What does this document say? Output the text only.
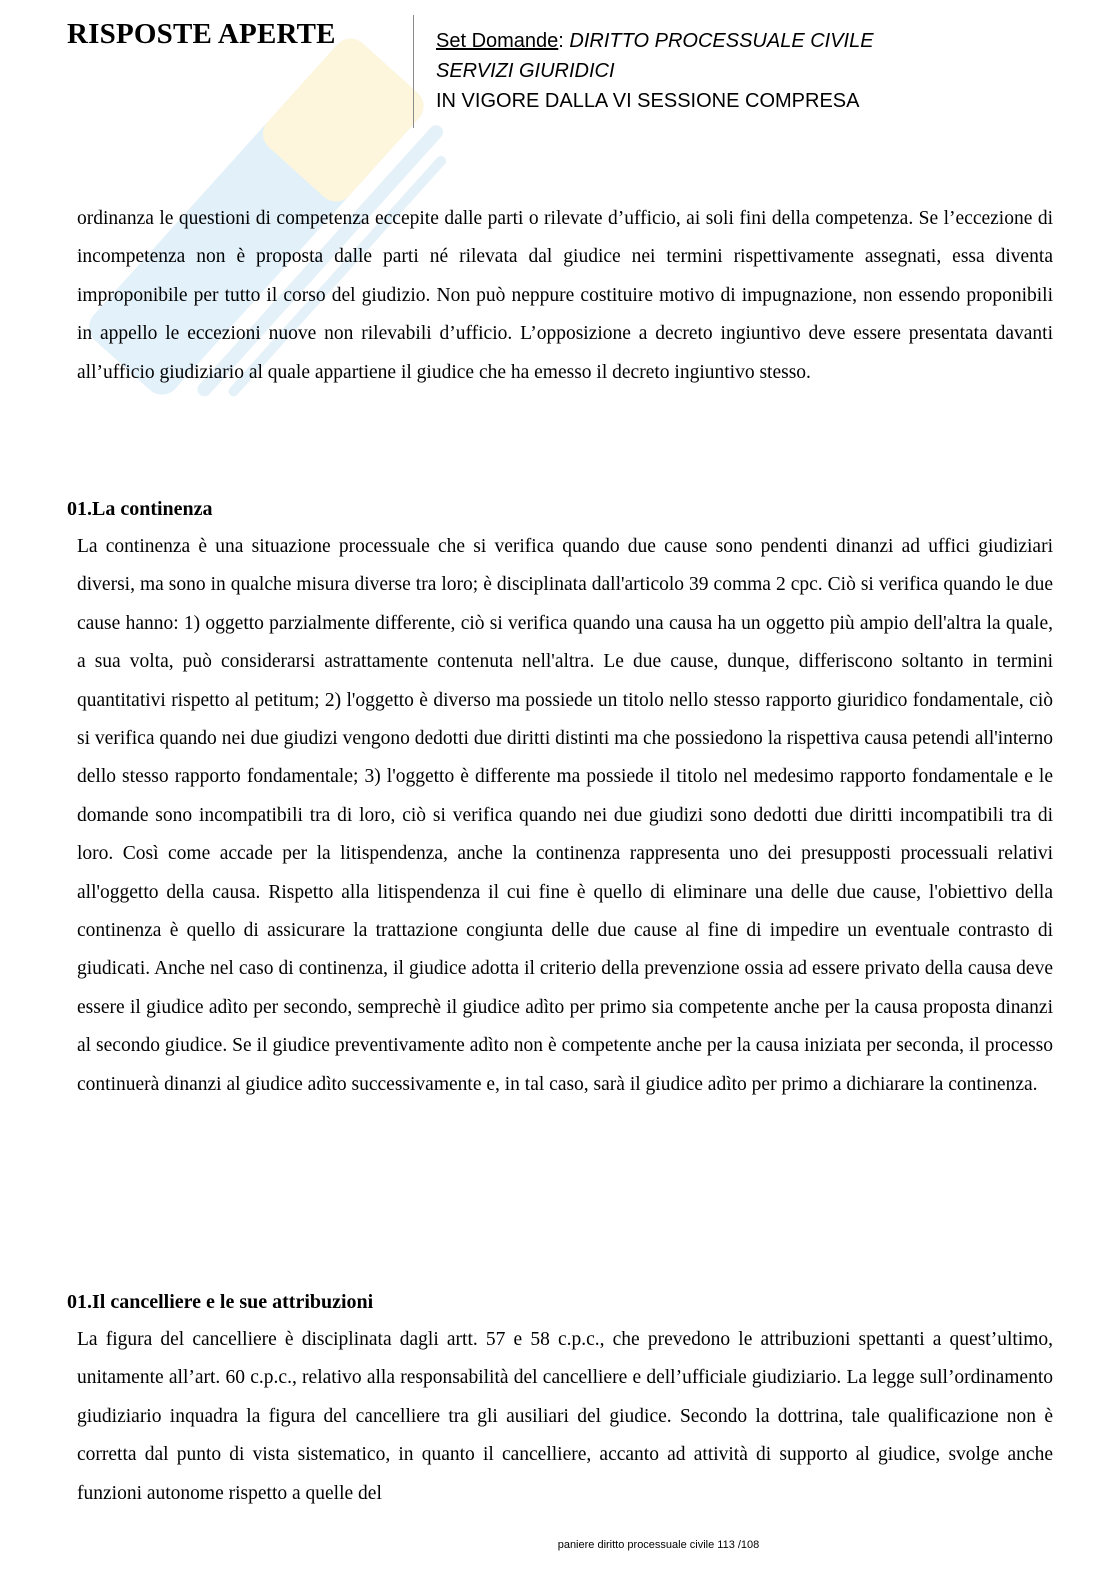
RISPOSTE APERTE	Set Domande: DIRITTO PROCESSUALE CIVILE
SERVIZI GIURIDICI
IN VIGORE DALLA VI SESSIONE COMPRESA

ordinanza le questioni di competenza eccepite dalle parti o rilevate d’ufficio, ai soli fini della competenza. Se l’eccezione di incompetenza non è proposta dalle parti né rilevata dal giudice nei termini rispettivamente assegnati, essa diventa improponibile per tutto il corso del giudizio. Non può neppure costituire motivo di impugnazione, non essendo proponibili in appello le eccezioni nuove non rilevabili d’ufficio. L’opposizione a decreto ingiuntivo deve essere presentata davanti all’ufficio giudiziario al quale appartiene il giudice che ha emesso il decreto ingiuntivo stesso.

01.La continenza

La continenza è una situazione processuale che si verifica quando due cause sono pendenti dinanzi ad uffici giudiziari diversi, ma sono in qualche misura diverse tra loro; è disciplinata dall'articolo 39 comma 2 cpc. Ciò si verifica quando le due cause hanno: 1) oggetto parzialmente differente, ciò si verifica quando una causa ha un oggetto più ampio dell'altra la quale, a sua volta, può considerarsi astrattamente contenuta nell'altra. Le due cause, dunque, differiscono soltanto in termini quantitativi rispetto al petitum; 2) l'oggetto è diverso ma possiede un titolo nello stesso rapporto giuridico fondamentale, ciò si verifica quando nei due giudizi vengono dedotti due diritti distinti ma che possiedono la rispettiva causa petendi all'interno dello stesso rapporto fondamentale; 3) l'oggetto è differente ma possiede il titolo nel medesimo rapporto fondamentale e le domande sono incompatibili tra di loro, ciò si verifica quando nei due giudizi sono dedotti due diritti incompatibili tra di loro. Così come accade per la litispendenza, anche la continenza rappresenta uno dei presupposti processuali relativi all'oggetto della causa. Rispetto alla litispendenza il cui fine è quello di eliminare una delle due cause, l'obiettivo della continenza è quello di assicurare la trattazione congiunta delle due cause al fine di impedire un eventuale contrasto di giudicati. Anche nel caso di continenza, il giudice adotta il criterio della prevenzione ossia ad essere privato della causa deve essere il giudice adìto per secondo, semprechè il giudice adìto per primo sia competente anche per la causa proposta dinanzi al secondo giudice. Se il giudice preventivamente adìto non è competente anche per la causa iniziata per seconda, il processo continuerà dinanzi al giudice adìto successivamente e, in tal caso, sarà il giudice adìto per primo a dichiarare la continenza.

01.Il cancelliere e le sue attribuzioni

La figura del cancelliere è disciplinata dagli artt. 57 e 58 c.p.c., che prevedono le attribuzioni spettanti a quest’ultimo, unitamente all’art. 60 c.p.c., relativo alla responsabilità del cancelliere e dell’ufficiale giudiziario. La legge sull’ordinamento giudiziario inquadra la figura del cancelliere tra gli ausiliari del giudice. Secondo la dottrina, tale qualificazione non è corretta dal punto di vista sistematico, in quanto il cancelliere, accanto ad attività di supporto al giudice, svolge anche funzioni autonome rispetto a quelle del

paniere diritto processuale civile 113 /108
